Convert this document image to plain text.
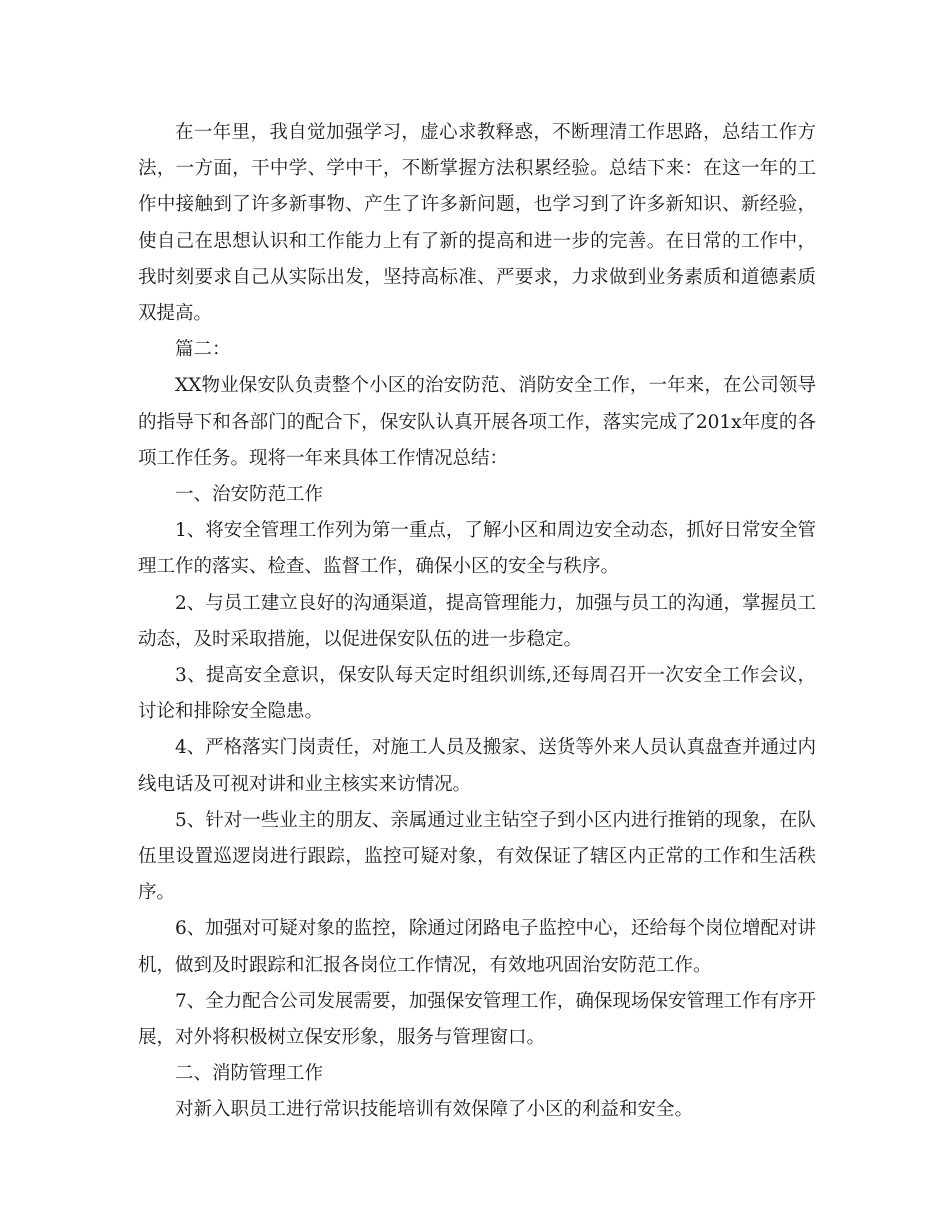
在一年里，我自觉加强学习，虚心求教释惑，不断理清工作思路，总结工作方法，一方面，干中学、学中干，不断掌握方法积累经验。总结下来：在这一年的工作中接触到了许多新事物、产生了许多新问题，也学习到了许多新知识、新经验，使自己在思想认识和工作能力上有了新的提高和进一步的完善。在日常的工作中，我时刻要求自己从实际出发，坚持高标准、严要求，力求做到业务素质和道德素质双提高。

篇二：

XX物业保安队负责整个小区的治安防范、消防安全工作，一年来，在公司领导的指导下和各部门的配合下，保安队认真开展各项工作，落实完成了201x年度的各项工作任务。现将一年来具体工作情况总结：

一、治安防范工作

1、将安全管理工作列为第一重点，了解小区和周边安全动态，抓好日常安全管理工作的落实、检查、监督工作，确保小区的安全与秩序。

2、与员工建立良好的沟通渠道，提高管理能力，加强与员工的沟通，掌握员工动态，及时采取措施，以促进保安队伍的进一步稳定。

3、提高安全意识，保安队每天定时组织训练,还每周召开一次安全工作会议，讨论和排除安全隐患。

4、严格落实门岗责任，对施工人员及搬家、送货等外来人员认真盘查并通过内线电话及可视对讲和业主核实来访情况。

5、针对一些业主的朋友、亲属通过业主钻空子到小区内进行推销的现象，在队伍里设置巡逻岗进行跟踪，监控可疑对象，有效保证了辖区内正常的工作和生活秩序。

6、加强对可疑对象的监控，除通过闭路电子监控中心，还给每个岗位增配对讲机，做到及时跟踪和汇报各岗位工作情况，有效地巩固治安防范工作。

7、全力配合公司发展需要，加强保安管理工作，确保现场保安管理工作有序开展，对外将积极树立保安形象，服务与管理窗口。

二、消防管理工作

对新入职员工进行常识技能培训有效保障了小区的利益和安全。
